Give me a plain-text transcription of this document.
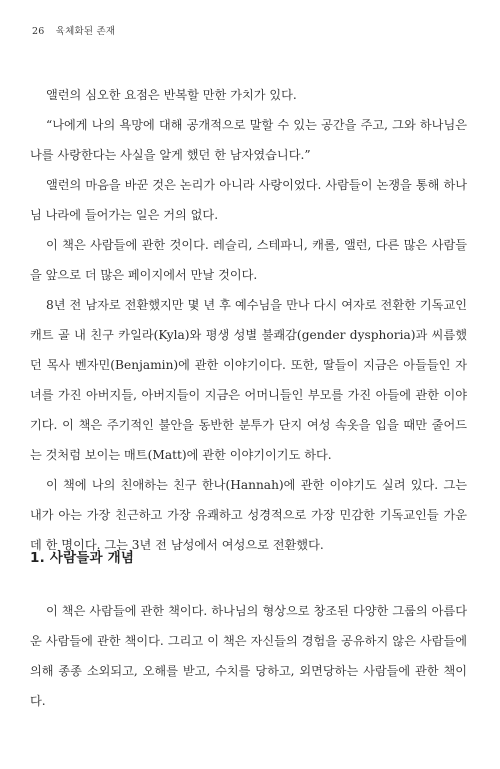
26 육체화된 존재

앨런의 심오한 요점은 반복할 만한 가치가 있다.

“나에게 나의 욕망에 대해 공개적으로 말할 수 있는 공간을 주고, 그와 하나님은 나를 사랑한다는 사실을 알게 했던 한 남자였습니다.”

앨런의 마음을 바꾼 것은 논리가 아니라 사랑이었다. 사람들이 논쟁을 통해 하나님 나라에 들어가는 일은 거의 없다.

이 책은 사람들에 관한 것이다. 레슬리, 스테파니, 캐롤, 앨런, 다른 많은 사람들을 앞으로 더 많은 페이지에서 만날 것이다.

8년 전 남자로 전환했지만 몇 년 후 예수님을 만나 다시 여자로 전환한 기독교인 캐트 골 내 친구 카일라(Kyla)와 평생 성별 불쾌감(gender dysphoria)과 씨름했던 목사 벤자민(Benjamin)에 관한 이야기이다. 또한, 딸들이 지금은 아들들인 자녀를 가진 아버지들, 아버지들이 지금은 어머니들인 부모를 가진 아들에 관한 이야기다. 이 책은 주기적인 불안을 동반한 분투가 단지 여성 속옷을 입을 때만 줄어드는 것처럼 보이는 매트(Matt)에 관한 이야기이기도 하다.

이 책에 나의 친애하는 친구 한나(Hannah)에 관한 이야기도 실려 있다. 그는 내가 아는 가장 친근하고 가장 유쾌하고 성경적으로 가장 민감한 기독교인들 가운데 한 명이다. 그는 3년 전 남성에서 여성으로 전환했다.

1. 사람들과 개념

이 책은 사람들에 관한 책이다. 하나님의 형상으로 창조된 다양한 그룹의 아름다운 사람들에 관한 책이다. 그리고 이 책은 자신들의 경험을 공유하지 않은 사람들에 의해 종종 소외되고, 오해를 받고, 수치를 당하고, 외면당하는 사람들에 관한 책이다.
